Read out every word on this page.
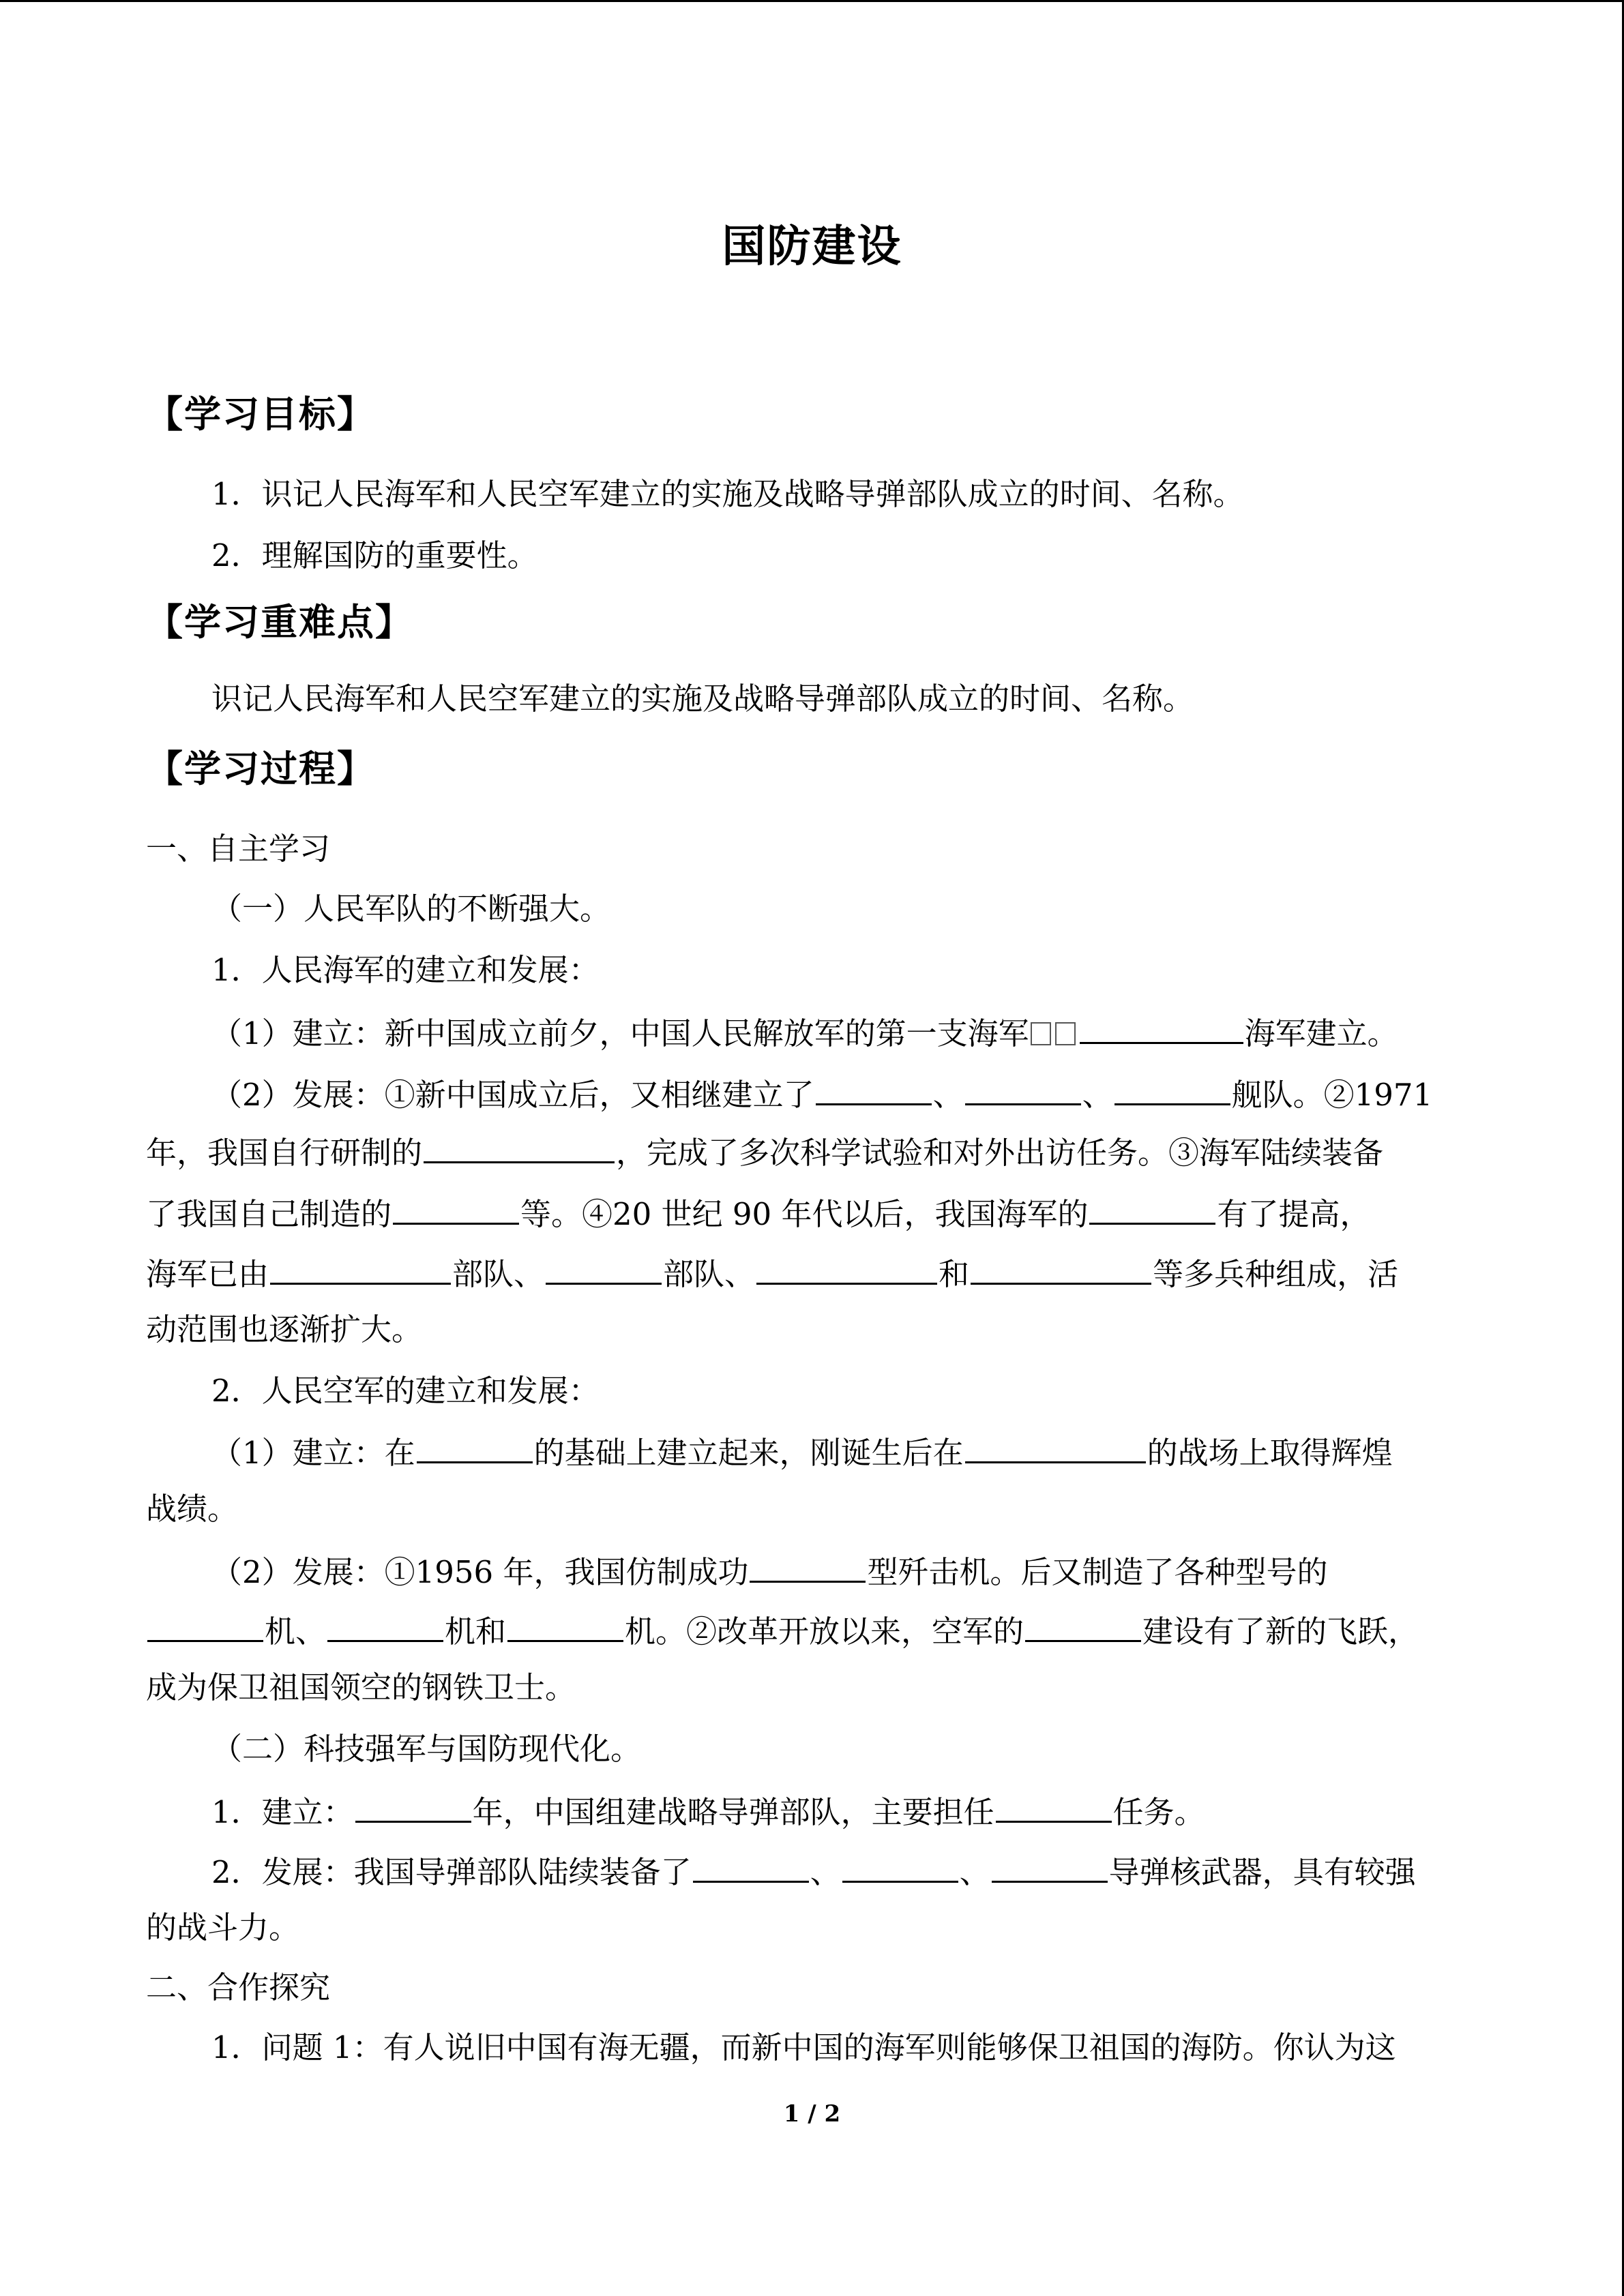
国防建设
【学习目标】
1．识记人民海军和人民空军建立的实施及战略导弹部队成立的时间、名称。
2．理解国防的重要性。
【学习重难点】
识记人民海军和人民空军建立的实施及战略导弹部队成立的时间、名称。
【学习过程】
一、自主学习
（一）人民军队的不断强大。
1．人民海军的建立和发展：
（1）建立：新中国成立前夕，中国人民解放军的第一支海军	海军建立。
（2）发展：①新中国成立后，又相继建立了	、	、	舰队。②1971
年，我国自行研制的	，完成了多次科学试验和对外出访任务。③海军陆续装备
了我国自己制造的	等。④20 世纪 90 年代以后，我国海军的	有了提高，
海军已由	部队、	部队、	和	等多兵种组成，活
动范围也逐渐扩大。
2．人民空军的建立和发展：
（1）建立：在	的基础上建立起来，刚诞生后在	的战场上取得辉煌
战绩。
（2）发展：①1956 年，我国仿制成功	型歼击机。后又制造了各种型号的
机、	机和	机。②改革开放以来，空军的	建设有了新的飞跃，
成为保卫祖国领空的钢铁卫士。
（二）科技强军与国防现代化。
1．建立：	年，中国组建战略导弹部队，主要担任	任务。
2．发展：我国导弹部队陆续装备了	、	、	导弹核武器，具有较强
的战斗力。
二、合作探究
1．问题 1：有人说旧中国有海无疆，而新中国的海军则能够保卫祖国的海防。你认为这
1 / 2
